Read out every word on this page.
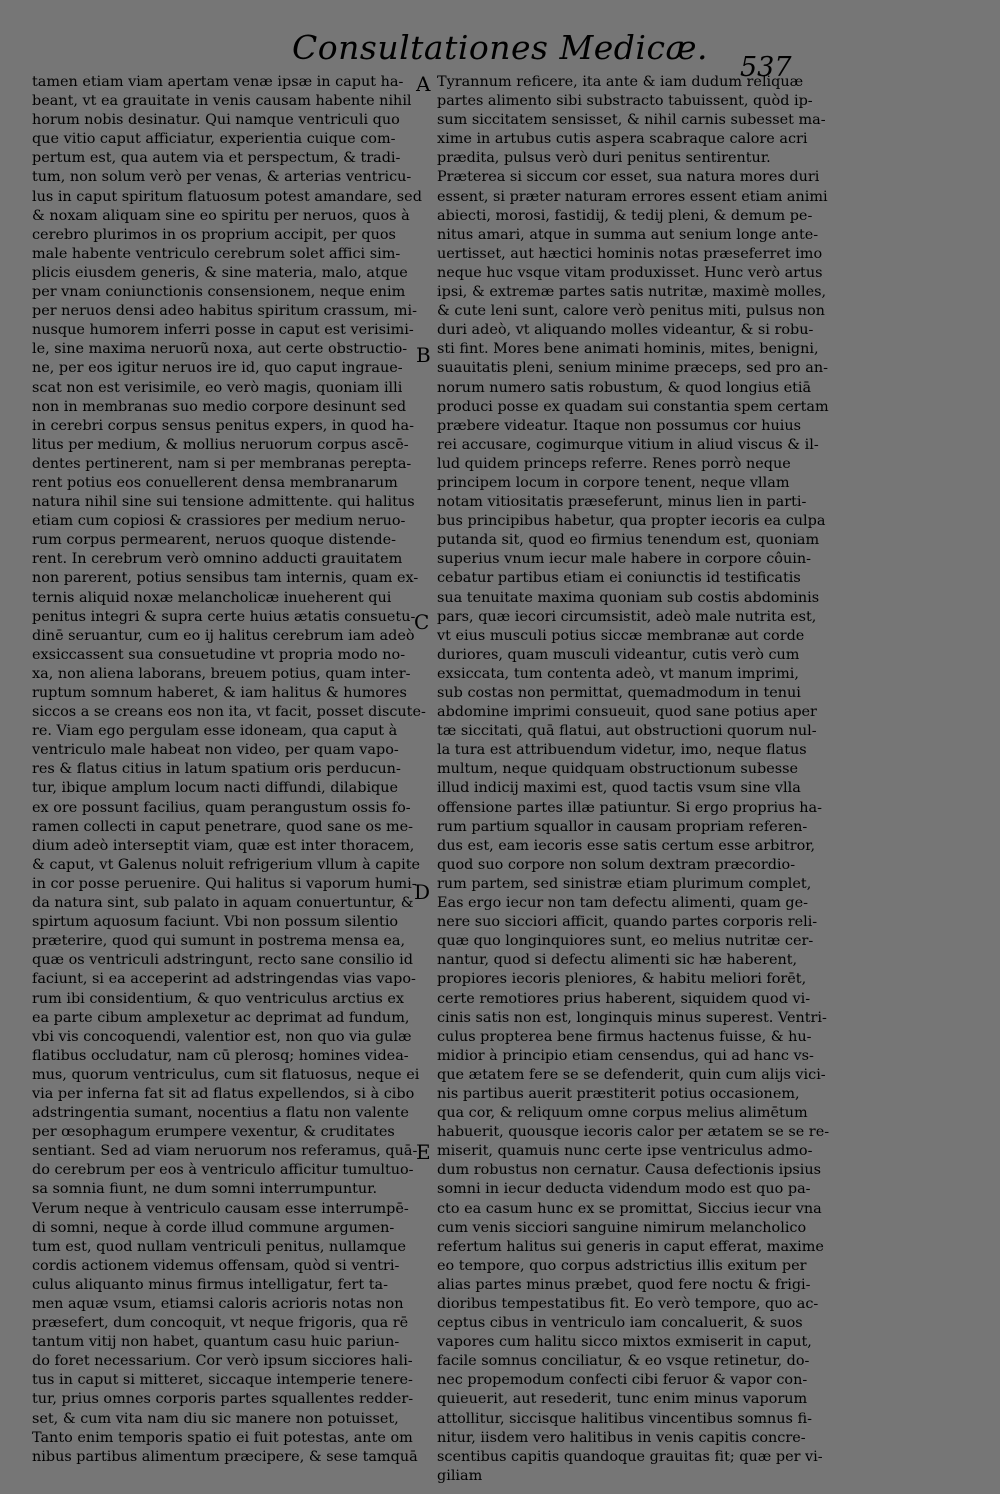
Consultationes Medicæ.
537
tamen etiam viam apertam venæ ipsæ in caput ha-
beant, vt ea grauitate in venis causam habente nihil
horum nobis desinatur. Qui namque ventriculi quo
que vitio caput afficiatur, experientia cuique com-
pertum est, qua autem via et perspectum, & tradi-
tum, non solum verò per venas, & arterias ventricu-
lus in caput spiritum flatuosum potest amandare, sed
& noxam aliquam sine eo spiritu per neruos, quos à
cerebro plurimos in os proprium accipit, per quos
male habente ventriculo cerebrum solet affici sim-
plicis eiusdem generis, & sine materia, malo, atque
per vnam coniunctionis consensionem, neque enim
per neruos densi adeo habitus spiritum crassum, mi-
nusque humorem inferri posse in caput est verisimi-
le, sine maxima neruorũ noxa, aut certe obstructio-
ne, per eos igitur neruos ire id, quo caput ingraue-
scat non est verisimile, eo verò magis, quoniam illi
non in membranas suo medio corpore desinunt sed
in cerebri corpus sensus penitus expers, in quod ha-
litus per medium, & mollius neruorum corpus ascē-
dentes pertinerent, nam si per membranas perepta-
rent potius eos conuellerent densa membranarum
natura nihil sine sui tensione admittente. qui halitus
etiam cum copiosi & crassiores per medium neruo-
rum corpus permearent, neruos quoque distende-
rent. In cerebrum verò omnino adducti grauitatem
non parerent, potius sensibus tam internis, quam ex-
ternis aliquid noxæ melancholicæ inueherent qui
penitus integri & supra certe huius ætatis consuetu-
dinē seruantur, cum eo ij halitus cerebrum iam adeò
exsiccassent sua consuetudine vt propria modo no-
xa, non aliena laborans, breuem potius, quam inter-
ruptum somnum haberet, & iam halitus & humores
siccos a se creans eos non ita, vt facit, posset discute-
re. Viam ego pergulam esse idoneam, qua caput à
ventriculo male habeat non video, per quam vapo-
res & flatus citius in latum spatium oris perducun-
tur, ibique amplum locum nacti diffundi, dilabique
ex ore possunt facilius, quam perangustum ossis fo-
ramen collecti in caput penetrare, quod sane os me-
dium adeò interseptit viam, quæ est inter thoracem,
& caput, vt Galenus noluit refrigerium vllum à capite
in cor posse peruenire. Qui halitus si vaporum humi-
da natura sint, sub palato in aquam conuertuntur, &
spirtum aquosum faciunt. Vbi non possum silentio
præterire, quod qui sumunt in postrema mensa ea,
quæ os ventriculi adstringunt, recto sane consilio id
faciunt, si ea acceperint ad adstringendas vias vapo-
rum ibi considentium, & quo ventriculus arctius ex
ea parte cibum amplexetur ac deprimat ad fundum,
vbi vis concoquendi, valentior est, non quo via gulæ
flatibus occludatur, nam cū plerosq; homines videa-
mus, quorum ventriculus, cum sit flatuosus, neque ei
via per inferna fat sit ad flatus expellendos, si à cibo
adstringentia sumant, nocentius a flatu non valente
per œsophagum erumpere vexentur, & cruditates
sentiant. Sed ad viam neruorum nos referamus, quā-
do cerebrum per eos à ventriculo afficitur tumultuo-
sa somnia fiunt, ne dum somni interrumpuntur.
Verum neque à ventriculo causam esse interrumpē-
di somni, neque à corde illud commune argumen-
tum est, quod nullam ventriculi penitus, nullamque
cordis actionem videmus offensam, quòd si ventri-
culus aliquanto minus firmus intelligatur, fert ta-
men aquæ vsum, etiamsi caloris acrioris notas non
præsefert, dum concoquit, vt neque frigoris, qua rē
tantum vitij non habet, quantum casu huic pariun-
do foret necessarium. Cor verò ipsum sicciores hali-
tus in caput si mitteret, siccaque intemperie tenere-
tur, prius omnes corporis partes squallentes redder-
set, & cum vita nam diu sic manere non potuisset,
Tanto enim temporis spatio ei fuit potestas, ante om
nibus partibus alimentum præcipere, & sese tamquā
Tyrannum reficere, ita ante & iam dudum reliquæ
partes alimento sibi substracto tabuissent, quòd ip-
sum siccitatem sensisset, & nihil carnis subesset ma-
xime in artubus cutis aspera scabraque calore acri
prædita, pulsus verò duri penitus sentirentur.
Præterea si siccum cor esset, sua natura mores duri
essent, si præter naturam errores essent etiam animi
abiecti, morosi, fastidij, & tedij pleni, & demum pe-
nitus amari, atque in summa aut senium longe ante-
uertisset, aut hæctici hominis notas præseferret imo
neque huc vsque vitam produxisset. Hunc verò artus
ipsi, & extremæ partes satis nutritæ, maximè molles,
& cute leni sunt, calore verò penitus miti, pulsus non
duri adeò, vt aliquando molles videantur, & si robu-
sti fint. Mores bene animati hominis, mites, benigni,
suauitatis pleni, senium minime præceps, sed pro an-
norum numero satis robustum, & quod longius etiā
produci posse ex quadam sui constantia spem certam
præbere videatur. Itaque non possumus cor huius
rei accusare, cogimurque vitium in aliud viscus & il-
lud quidem princeps referre. Renes porrò neque
principem locum in corpore tenent, neque vllam
notam vitiositatis præseferunt, minus lien in parti-
bus principibus habetur, qua propter iecoris ea culpa
putanda sit, quod eo firmius tenendum est, quoniam
superius vnum iecur male habere in corpore côuin-
cebatur partibus etiam ei coniunctis id testificatis
sua tenuitate maxima quoniam sub costis abdominis
pars, quæ iecori circumsistit, adeò male nutrita est,
vt eius musculi potius siccæ membranæ aut corde
duriores, quam musculi videantur, cutis verò cum
exsiccata, tum contenta adeò, vt manum imprimi,
sub costas non permittat, quemadmodum in tenui
abdomine imprimi consueuit, quod sane potius aper
tæ siccitati, quā flatui, aut obstructioni quorum nul-
la tura est attribuendum videtur, imo, neque flatus
multum, neque quidquam obstructionum subesse
illud indicij maximi est, quod tactis vsum sine vlla
offensione partes illæ patiuntur. Si ergo proprius ha-
rum partium squallor in causam propriam referen-
dus est, eam iecoris esse satis certum esse arbitror,
quod suo corpore non solum dextram præcordio-
rum partem, sed sinistræ etiam plurimum complet,
Eas ergo iecur non tam defectu alimenti, quam ge-
nere suo sicciori afficit, quando partes corporis reli-
quæ quo longinquiores sunt, eo melius nutritæ cer-
nantur, quod si defectu alimenti sic hæ haberent,
propiores iecoris pleniores, & habitu meliori forēt,
certe remotiores prius haberent, siquidem quod vi-
cinis satis non est, longinquis minus superest. Ventri-
culus propterea bene firmus hactenus fuisse, & hu-
midior à principio etiam censendus, qui ad hanc vs-
que ætatem fere se se defenderit, quin cum alijs vici-
nis partibus auerit præstiterit potius occasionem,
qua cor, & reliquum omne corpus melius alimētum
habuerit, quousque iecoris calor per ætatem se se re-
miserit, quamuis nunc certe ipse ventriculus admo-
dum robustus non cernatur. Causa defectionis ipsius
somni in iecur deducta videndum modo est quo pa-
cto ea casum hunc ex se promittat, Siccius iecur vna
cum venis sicciori sanguine nimirum melancholico
refertum halitus sui generis in caput efferat, maxime
eo tempore, quo corpus adstrictius illis exitum per
alias partes minus præbet, quod fere noctu & frigi-
dioribus tempestatibus fit. Eo verò tempore, quo ac-
ceptus cibus in ventriculo iam concaluerit, & suos
vapores cum halitu sicco mixtos exmiserit in caput,
facile somnus conciliatur, & eo vsque retinetur, do-
nec propemodum confecti cibi feruor & vapor con-
quieuerit, aut resederit, tunc enim minus vaporum
attollitur, siccisque halitibus vincentibus somnus fi-
nitur, iisdem vero halitibus in venis capitis concre-
scentibus capitis quandoque grauitas fit; quæ per vi-
giliam
A
B
C
D
E
